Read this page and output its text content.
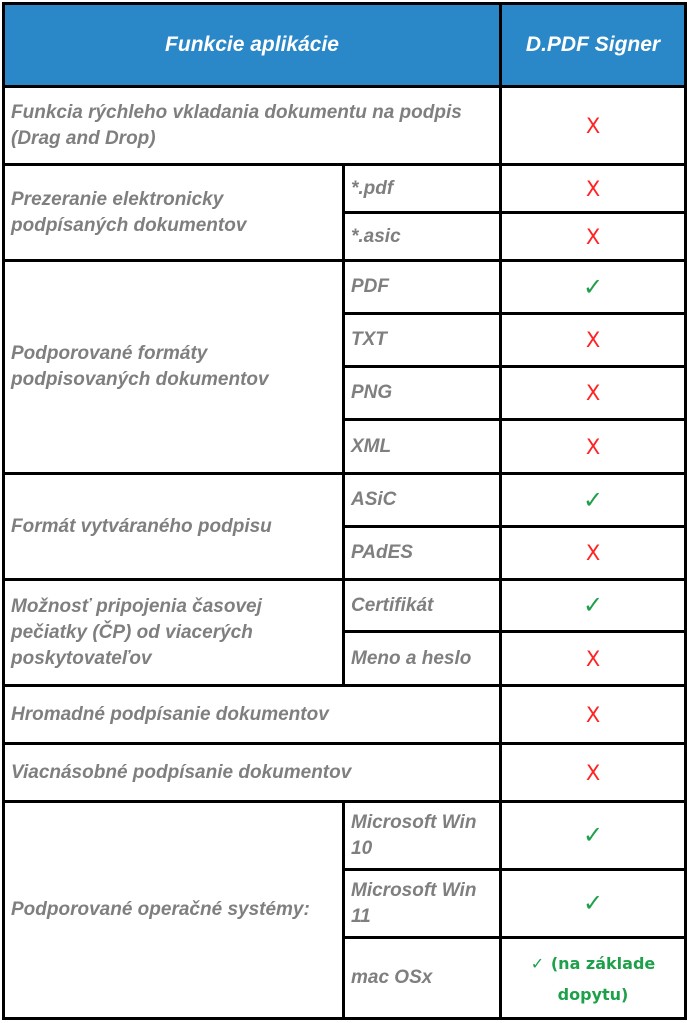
Funkcie aplikácie		D.PDF Signer
Funkcia rýchleho vkladania dokumentu na podpis (Drag and Drop)		X
Prezeranie elektronicky podpísaných dokumentov	*.pdf	X
	*.asic	X
Podporované formáty podpisovaných dokumentov	PDF	✓
	TXT	X
	PNG	X
	XML	X
Formát vytváraného podpisu	ASiC	✓
	PAdES	X
Možnosť pripojenia časovej pečiatky (ČP) od viacerých poskytovateľov	Certifikát	✓
	Meno a heslo	X
Hromadné podpísanie dokumentov		X
Viacnásobné podpísanie dokumentov		X
Podporované operačné systémy:	Microsoft Win 10	✓
	Microsoft Win 11	✓
	mac OSx	✓ (na základe dopytu)
